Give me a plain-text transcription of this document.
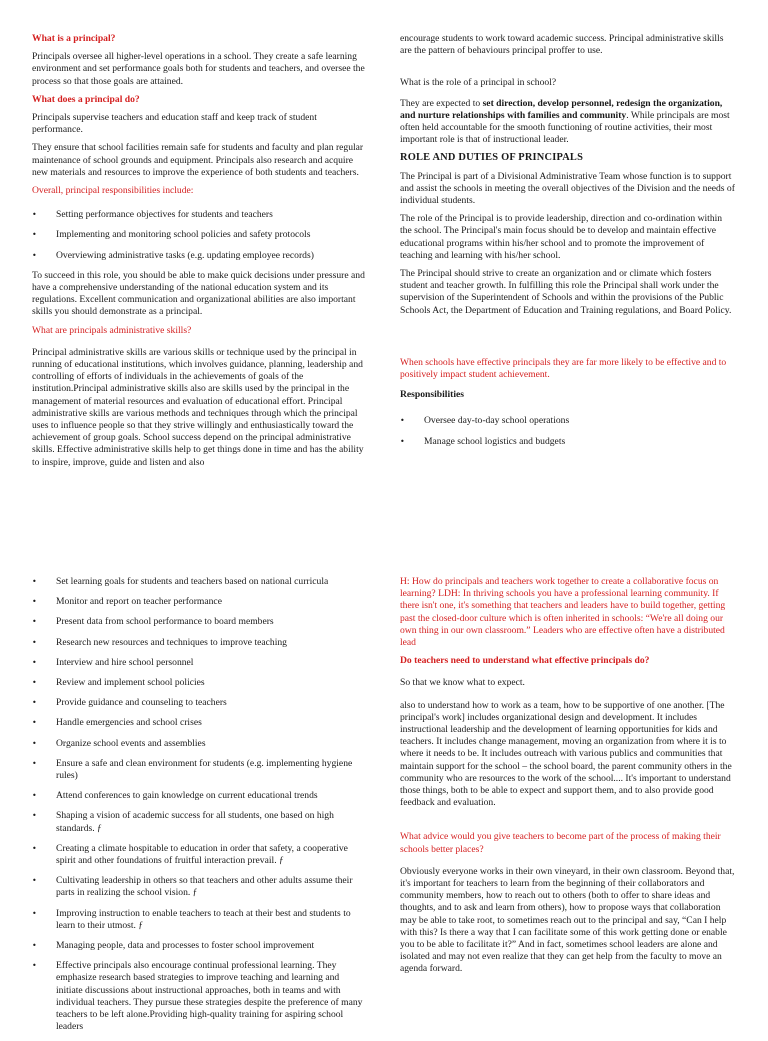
What is a principal?

Principals oversee all higher-level operations in a school. They create a safe learning environment and set performance goals both for students and teachers, and oversee the process so that those goals are attained.

What does a principal do?

Principals supervise teachers and education staff and keep track of student performance.

They ensure that school facilities remain safe for students and faculty and plan regular maintenance of school grounds and equipment. Principals also research and acquire new materials and resources to improve the experience of both students and teachers.

Overall, principal responsibilities include:

• Setting performance objectives for students and teachers
• Implementing and monitoring school policies and safety protocols
• Overviewing administrative tasks (e.g. updating employee records)

To succeed in this role, you should be able to make quick decisions under pressure and have a comprehensive understanding of the national education system and its regulations. Excellent communication and organizational abilities are also important skills you should demonstrate as a principal.

What are principals administrative skills?

Principal administrative skills are various skills or technique used by the principal in running of educational institutions, which involves guidance, planning, leadership and controlling of efforts of individuals in the achievements of goals of the institution.Principal administrative skills also are skills used by the principal in the management of material resources and evaluation of educational effort. Principal administrative skills are various methods and techniques through which the principal uses to influence people so that they strive willingly and enthusiastically toward the achievement of group goals. School success depend on the principal administrative skills. Effective administrative skills help to get things done in time and has the ability to inspire, improve, guide and listen and also

encourage students to work toward academic success. Principal administrative skills are the pattern of behaviours principal proffer to use.

What is the role of a principal in school?

They are expected to set direction, develop personnel, redesign the organization, and nurture relationships with families and community. While principals are most often held accountable for the smooth functioning of routine activities, their most important role is that of instructional leader.

ROLE AND DUTIES OF PRINCIPALS

The Principal is part of a Divisional Administrative Team whose function is to support and assist the schools in meeting the overall objectives of the Division and the needs of individual students.

The role of the Principal is to provide leadership, direction and co-ordination within the school. The Principal's main focus should be to develop and maintain effective educational programs within his/her school and to promote the improvement of teaching and learning with his/her school.

The Principal should strive to create an organization and or climate which fosters student and teacher growth. In fulfilling this role the Principal shall work under the supervision of the Superintendent of Schools and within the provisions of the Public Schools Act, the Department of Education and Training regulations, and Board Policy.

When schools have effective principals they are far more likely to be effective and to positively impact student achievement.

Responsibilities

• Oversee day-to-day school operations
• Manage school logistics and budgets
• Set learning goals for students and teachers based on national curricula
• Monitor and report on teacher performance
• Present data from school performance to board members
• Research new resources and techniques to improve teaching
• Interview and hire school personnel
• Review and implement school policies
• Provide guidance and counseling to teachers
• Handle emergencies and school crises
• Organize school events and assemblies
• Ensure a safe and clean environment for students (e.g. implementing hygiene rules)
• Attend conferences to gain knowledge on current educational trends
• Shaping a vision of academic success for all students, one based on high standards. ƒ
• Creating a climate hospitable to education in order that safety, a cooperative spirit and other foundations of fruitful interaction prevail. ƒ
• Cultivating leadership in others so that teachers and other adults assume their parts in realizing the school vision. ƒ
• Improving instruction to enable teachers to teach at their best and students to learn to their utmost. ƒ
• Managing people, data and processes to foster school improvement
• Effective principals also encourage continual professional learning. They emphasize research based strategies to improve teaching and learning and initiate discussions about instructional approaches, both in teams and with individual teachers. They pursue these strategies despite the preference of many teachers to be left alone.Providing high-quality training for aspiring school leaders

H: How do principals and teachers work together to create a collaborative focus on learning? LDH: In thriving schools you have a professional learning community. If there isn't one, it's something that teachers and leaders have to build together, getting past the closed-door culture which is often inherited in schools: “We're all doing our own thing in our own classroom.” Leaders who are effective often have a distributed lead

Do teachers need to understand what effective principals do?

So that we know what to expect.

also to understand how to work as a team, how to be supportive of one another. [The principal's work] includes organizational design and development. It includes instructional leadership and the development of learning opportunities for kids and teachers. It includes change management, moving an organization from where it is to where it needs to be. It includes outreach with various publics and communities that maintain support for the school – the school board, the parent community others in the community who are resources to the work of the school.... It's important to understand those things, both to be able to expect and support them, and to also provide good feedback and evaluation.

What advice would you give teachers to become part of the process of making their schools better places?

Obviously everyone works in their own vineyard, in their own classroom. Beyond that, it's important for teachers to learn from the beginning of their collaborators and community members, how to reach out to others (both to offer to share ideas and thoughts, and to ask and learn from others), how to propose ways that collaboration may be able to take root, to sometimes reach out to the principal and say, “Can I help with this? Is there a way that I can facilitate some of this work getting done or enable you to be able to facilitate it?” And in fact, sometimes school leaders are alone and isolated and may not even realize that they can get help from the faculty to move an agenda forward.
